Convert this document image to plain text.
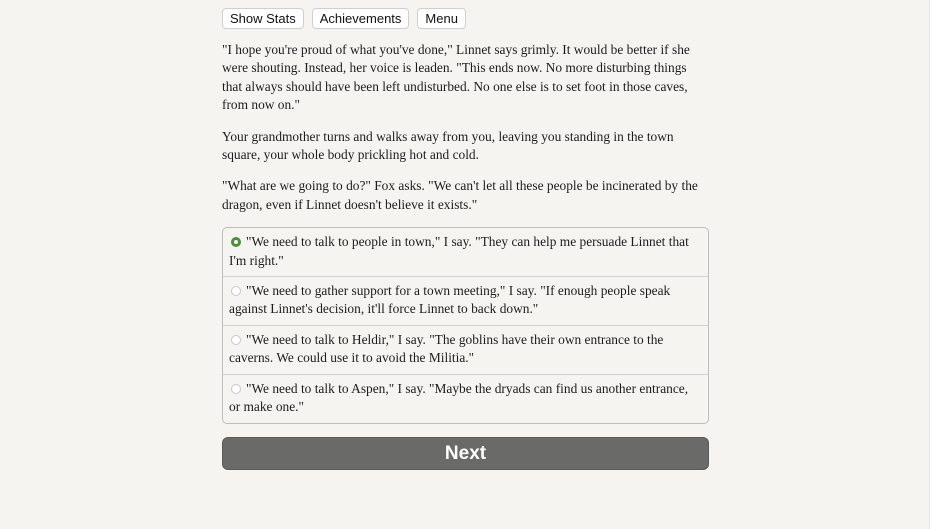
Show Stats	Achievements	Menu

"I hope you're proud of what you've done," Linnet says grimly. It would be better if she were shouting. Instead, her voice is leaden. "This ends now. No more disturbing things that always should have been left undisturbed. No one else is to set foot in those caves, from now on."

Your grandmother turns and walks away from you, leaving you standing in the town square, your whole body prickling hot and cold.

"What are we going to do?" Fox asks. "We can't let all these people be incinerated by the dragon, even if Linnet doesn't believe it exists."

"We need to talk to people in town," I say. "They can help me persuade Linnet that I'm right."
"We need to gather support for a town meeting," I say. "If enough people speak against Linnet's decision, it'll force Linnet to back down."
"We need to talk to Heldir," I say. "The goblins have their own entrance to the caverns. We could use it to avoid the Militia."
"We need to talk to Aspen," I say. "Maybe the dryads can find us another entrance, or make one."
Next
